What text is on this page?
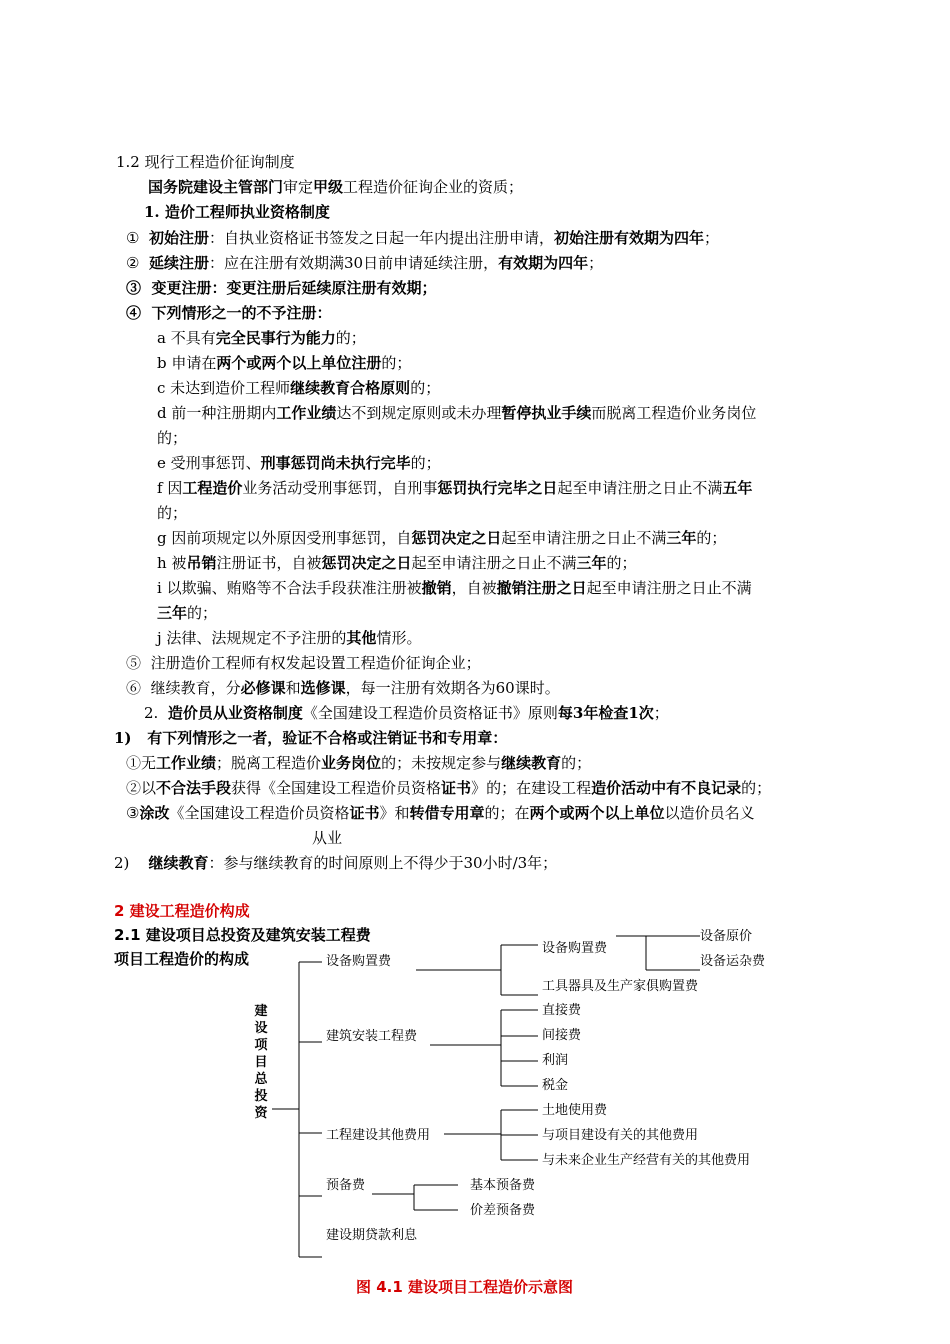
1.2 现行工程造价征询制度
国务院建设主管部门审定甲级工程造价征询企业的资质；
1. 造价工程师执业资格制度
① 初始注册：自执业资格证书签发之日起一年内提出注册申请，初始注册有效期为四年；
② 延续注册：应在注册有效期满30日前申请延续注册，有效期为四年；
③ 变更注册：变更注册后延续原注册有效期；
④ 下列情形之一的不予注册：
a 不具有完全民事行为能力的；
b 申请在两个或两个以上单位注册的；
c 未达到造价工程师继续教育合格原则的；
d 前一种注册期内工作业绩达不到规定原则或未办理暂停执业手续而脱离工程造价业务岗位
的；
e 受刑事惩罚、刑事惩罚尚未执行完毕的；
f 因工程造价业务活动受刑事惩罚，自刑事惩罚执行完毕之日起至申请注册之日止不满五年
的；
g 因前项规定以外原因受刑事惩罚，自惩罚决定之日起至申请注册之日止不满三年的；
h 被吊销注册证书，自被惩罚决定之日起至申请注册之日止不满三年的；
i 以欺骗、贿赂等不合法手段获准注册被撤销，自被撤销注册之日起至申请注册之日止不满
三年的；
j 法律、法规规定不予注册的其他情形。
⑤ 注册造价工程师有权发起设置工程造价征询企业；
⑥ 继续教育，分必修课和选修课，每一注册有效期各为60课时。
2. 造价员从业资格制度《全国建设工程造价员资格证书》原则每3年检查1次；
1) 有下列情形之一者，验证不合格或注销证书和专用章：
①无工作业绩；脱离工程造价业务岗位的；未按规定参与继续教育的；
②以不合法手段获得《全国建设工程造价员资格证书》的；在建设工程造价活动中有不良记录的；
③涂改《全国建设工程造价员资格证书》和转借专用章的；在两个或两个以上单位以造价员名义
从业
2) 继续教育：参与继续教育的时间原则上不得少于30小时/3年；
2 建设工程造价构成
2.1 建设项目总投资及建筑安装工程费
项目工程造价的构成
建
设
项
目
总
投
资
设备购置费
建筑安装工程费
工程建设其他费用
预备费
建设期贷款利息
设备购置费
设备原价
设备运杂费
工具器具及生产家俱购置费
直接费
间接费
利润
税金
土地使用费
与项目建设有关的其他费用
与未来企业生产经营有关的其他费用
基本预备费
价差预备费
图 4.1 建设项目工程造价示意图
